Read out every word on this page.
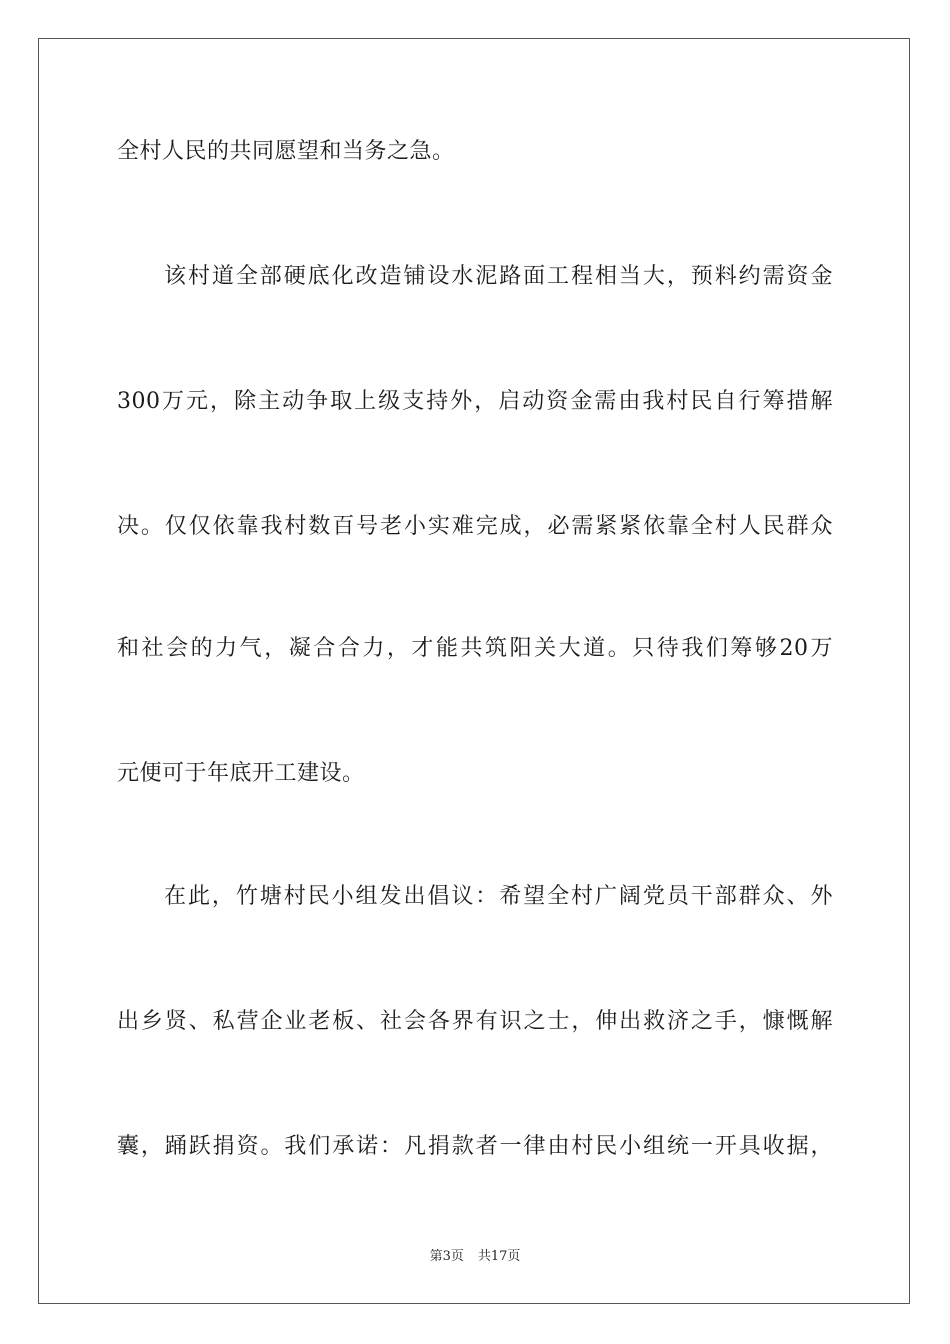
全村人民的共同愿望和当务之急。
该村道全部硬底化改造铺设水泥路面工程相当大，预料约需资金
300万元，除主动争取上级支持外，启动资金需由我村民自行筹措解
决。仅仅依靠我村数百号老小实难完成，必需紧紧依靠全村人民群众
和社会的力气，凝合合力，才能共筑阳关大道。只待我们筹够20万
元便可于年底开工建设。
在此，竹塘村民小组发出倡议：希望全村广阔党员干部群众、外
出乡贤、私营企业老板、社会各界有识之士，伸出救济之手，慷慨解
囊，踊跃捐资。我们承诺：凡捐款者一律由村民小组统一开具收据，
第3页 共17页
